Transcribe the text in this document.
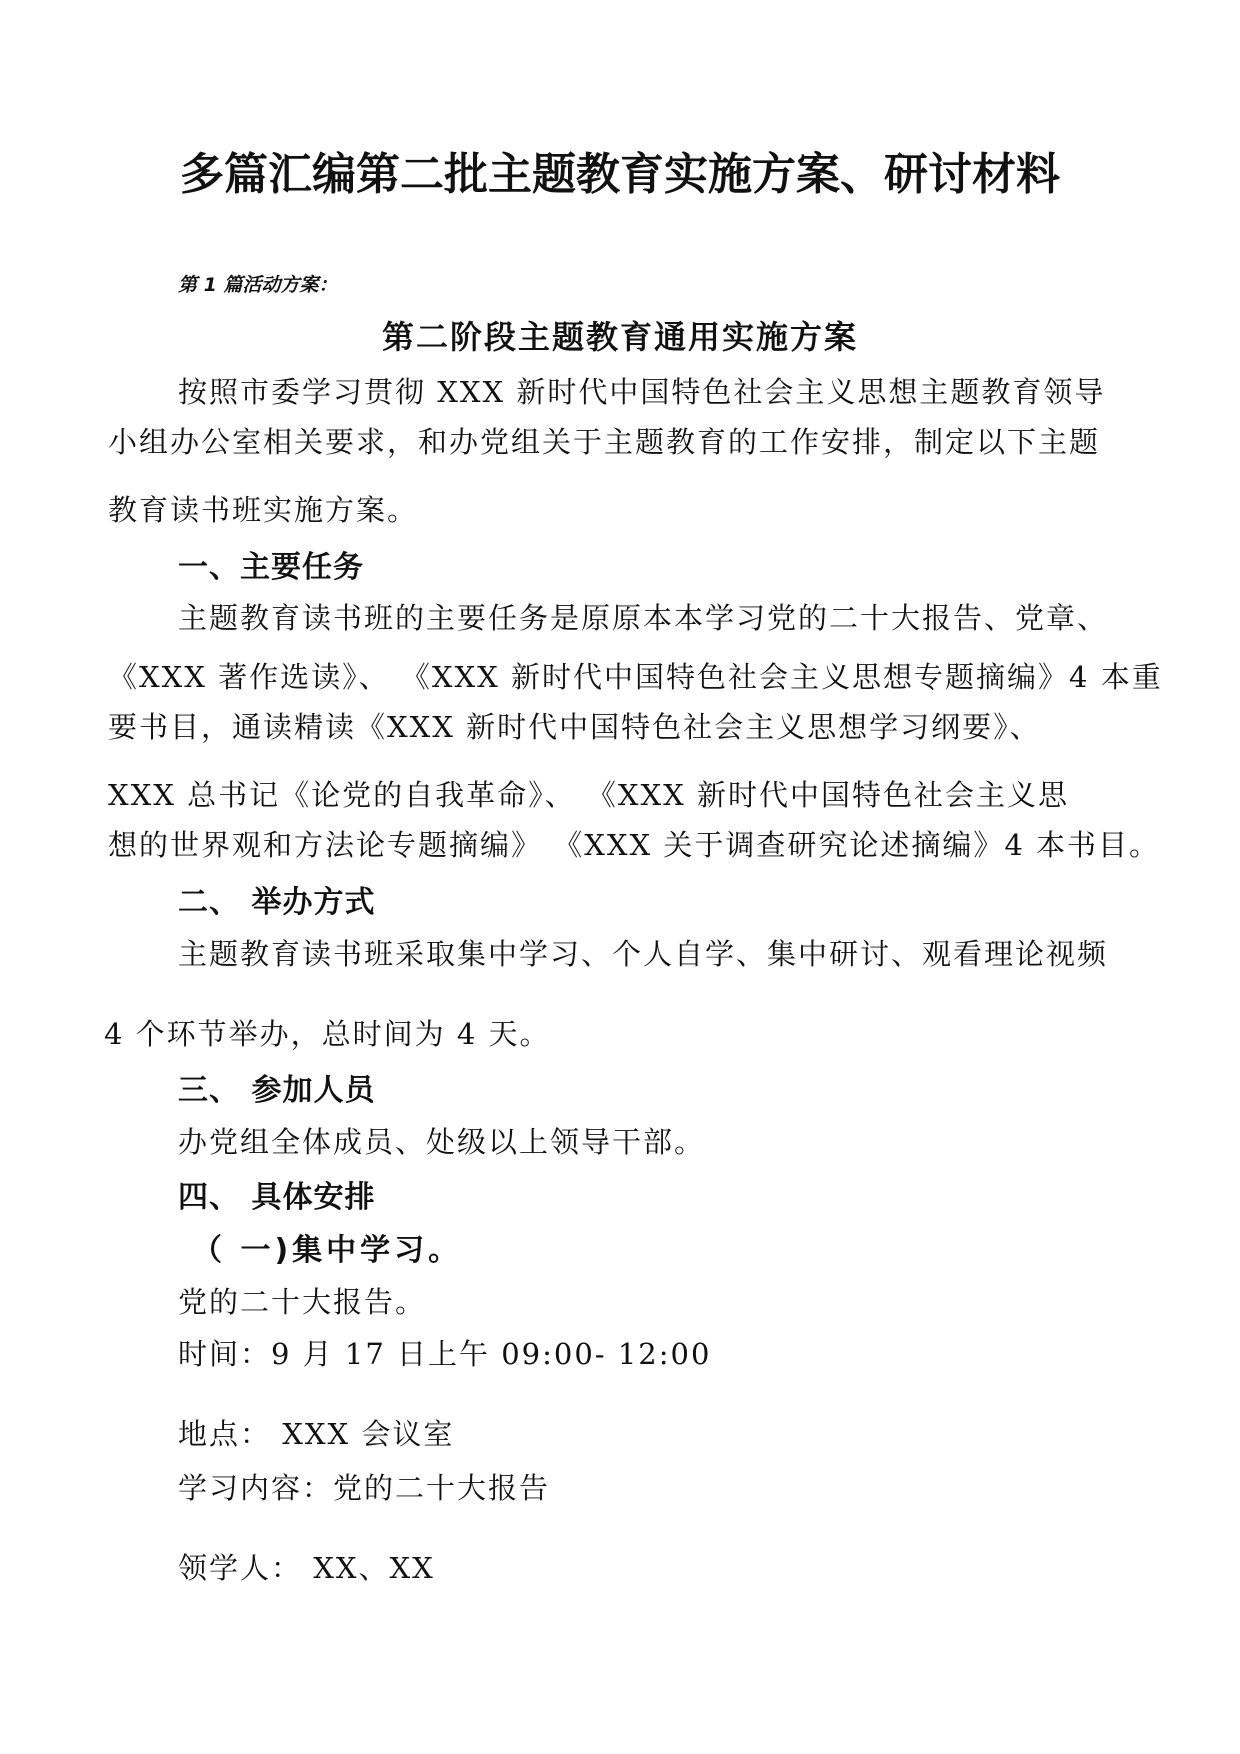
多篇汇编第二批主题教育实施方案、研讨材料
第 1 篇活动方案：
第二阶段主题教育通用实施方案

按照市委学习贯彻 XXX 新时代中国特色社会主义思想主题教育领导

小组办公室相关要求，和办党组关于主题教育的工作安排，制定以下主题

教育读书班实施方案。

一、主要任务

主题教育读书班的主要任务是原原本本学习党的二十大报告、党章、

《XXX 著作选读》、 《XXX 新时代中国特色社会主义思想专题摘编》4 本重

要书目，通读精读《XXX 新时代中国特色社会主义思想学习纲要》、

XXX 总书记《论党的自我革命》、 《XXX 新时代中国特色社会主义思

想的世界观和方法论专题摘编》 《XXX 关于调查研究论述摘编》4 本书目。

二、 举办方式

主题教育读书班采取集中学习、个人自学、集中研讨、观看理论视频

4 个环节举办，总时间为 4 天。

三、 参加人员

办党组全体成员、处级以上领导干部。

四、 具体安排
（ 一)集中学习。

党的二十大报告。

时间：9 月 17 日上午 09:00- 12:00

地点： XXX 会议室

学习内容：党的二十大报告

领学人： XX、XX
